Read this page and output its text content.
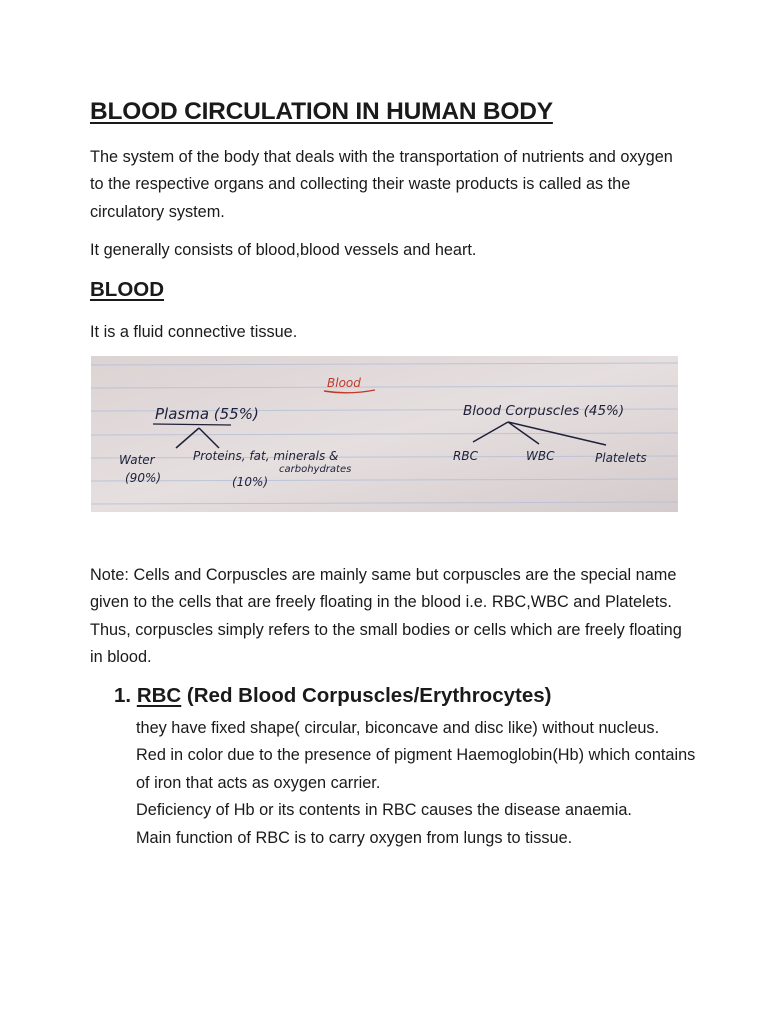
BLOOD CIRCULATION IN HUMAN BODY
The system of the body that deals with the transportation of nutrients and oxygen to the respective organs and collecting their waste products is called as the circulatory system.
It generally consists of blood,blood vessels and heart.
BLOOD
It is a fluid connective tissue.
Blood
Plasma (55%)	Blood Corpuscles (45%)
Water
(90%)
Proteins, fat, minerals &
carbohydrates
(10%)
RBC	WBC	Platelets
Note: Cells and Corpuscles are mainly same but corpuscles are the special name given to the cells that are freely floating in the blood i.e. RBC,WBC and Platelets. Thus, corpuscles simply refers to the small bodies or cells which are freely floating in blood.
1. RBC (Red Blood Corpuscles/Erythrocytes)
they have fixed shape( circular, biconcave and disc like) without nucleus.
Red in color due to the presence of pigment Haemoglobin(Hb) which contains of iron that acts as oxygen carrier.
Deficiency of Hb or its contents in RBC causes the disease anaemia.
Main function of RBC is to carry oxygen from lungs to tissue.
